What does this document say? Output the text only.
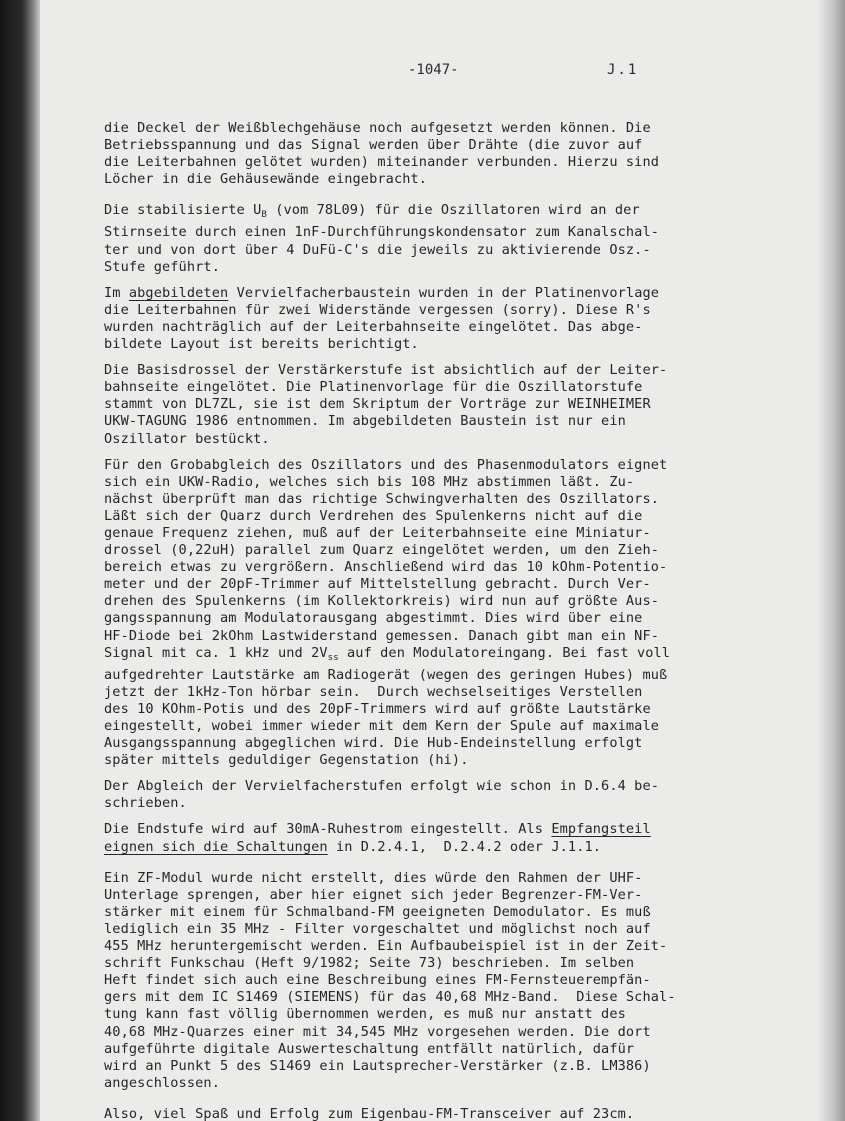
-1047-	J.1
die Deckel der Weißblechgehäuse noch aufgesetzt werden können. Die
Betriebsspannung und das Signal werden über Drähte (die zuvor auf
die Leiterbahnen gelötet wurden) miteinander verbunden. Hierzu sind
Löcher in die Gehäusewände eingebracht.
Die stabilisierte $U_B$ (vom 78L09) für die Oszillatoren wird an der
Stirnseite durch einen 1nF-Durchführungskondensator zum Kanalschal-
ter und von dort über 4 DuFü-C's die jeweils zu aktivierende Osz.-
Stufe geführt.
Im abgebildeten Vervielfacherbaustein wurden in der Platinenvorlage
die Leiterbahnen für zwei Widerstände vergessen (sorry). Diese R's
wurden nachträglich auf der Leiterbahnseite eingelötet. Das abge-
bildete Layout ist bereits berichtigt.
Die Basisdrossel der Verstärkerstufe ist absichtlich auf der Leiter-
bahnseite eingelötet. Die Platinenvorlage für die Oszillatorstufe
stammt von DL7ZL, sie ist dem Skriptum der Vorträge zur WEINHEIMER
UKW-TAGUNG 1986 entnommen. Im abgebildeten Baustein ist nur ein
Oszillator bestückt.
Für den Grobabgleich des Oszillators und des Phasenmodulators eignet
sich ein UKW-Radio, welches sich bis 108 MHz abstimmen läßt. Zu-
nächst überprüft man das richtige Schwingverhalten des Oszillators.
Läßt sich der Quarz durch Verdrehen des Spulenkerns nicht auf die
genaue Frequenz ziehen, muß auf der Leiterbahnseite eine Miniatur-
drossel (0,22uH) parallel zum Quarz eingelötet werden, um den Zieh-
bereich etwas zu vergrößern. Anschließend wird das 10 kOhm-Potentio-
meter und der 20pF-Trimmer auf Mittelstellung gebracht. Durch Ver-
drehen des Spulenkerns (im Kollektorkreis) wird nun auf größte Aus-
gangsspannung am Modulatorausgang abgestimmt. Dies wird über eine
HF-Diode bei 2kOhm Lastwiderstand gemessen. Danach gibt man ein NF-
Signal mit ca. 1 kHz und $2V_{ss}$ auf den Modulatoreingang. Bei fast voll
aufgedrehter Lautstärke am Radiogerät (wegen des geringen Hubes) muß
jetzt der 1kHz-Ton hörbar sein.  Durch wechselseitiges Verstellen
des 10 KOhm-Potis und des 20pF-Trimmers wird auf größte Lautstärke
eingestellt, wobei immer wieder mit dem Kern der Spule auf maximale
Ausgangsspannung abgeglichen wird. Die Hub-Endeinstellung erfolgt
später mittels geduldiger Gegenstation (hi).
Der Abgleich der Vervielfacherstufen erfolgt wie schon in D.6.4 be-
schrieben.
Die Endstufe wird auf 30mA-Ruhestrom eingestellt. Als Empfangsteil
eignen sich die Schaltungen in D.2.4.1,  D.2.4.2 oder J.1.1.
Ein ZF-Modul wurde nicht erstellt, dies würde den Rahmen der UHF-
Unterlage sprengen, aber hier eignet sich jeder Begrenzer-FM-Ver-
stärker mit einem für Schmalband-FM geeigneten Demodulator. Es muß
lediglich ein 35 MHz - Filter vorgeschaltet und möglichst noch auf
455 MHz heruntergemischt werden. Ein Aufbaubeispiel ist in der Zeit-
schrift Funkschau (Heft 9/1982; Seite 73) beschrieben. Im selben
Heft findet sich auch eine Beschreibung eines FM-Fernsteuerempfän-
gers mit dem IC S1469 (SIEMENS) für das 40,68 MHz-Band.  Diese Schal-
tung kann fast völlig übernommen werden, es muß nur anstatt des
40,68 MHz-Quarzes einer mit 34,545 MHz vorgesehen werden. Die dort
aufgeführte digitale Auswerteschaltung entfällt natürlich, dafür
wird an Punkt 5 des S1469 ein Lautsprecher-Verstärker (z.B. LM386)
angeschlossen.
Also, viel Spaß und Erfolg zum Eigenbau-FM-Transceiver auf 23cm.
